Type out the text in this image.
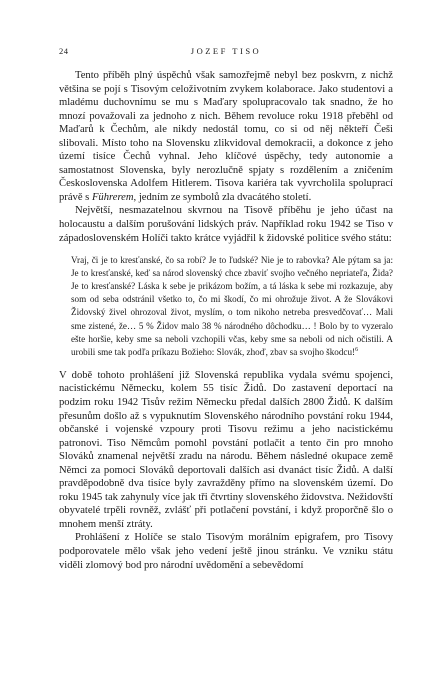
24	JOZEF TISO

Tento příběh plný úspěchů však samozřejmě nebyl bez poskvrn, z nichž většina se pojí s Tisovým celoživotním zvykem kolaborace. Jako studentovi a mladému duchovnímu se mu s Maďary spolupracovalo tak snadno, že ho mnozí považovali za jednoho z nich. Během revoluce roku 1918 přeběhl od Maďarů k Čechům, ale nikdy nedostál tomu, co si od něj někteří Češi slibovali. Místo toho na Slovensku zlikvidoval demokracii, a dokonce z jeho území tisíce Čechů vyhnal. Jeho klíčové úspěchy, tedy autonomie a samostatnost Slovenska, byly nerozlučně spjaty s rozdělením a zničením Československa Adolfem Hitlerem. Tisova kariéra tak vyvrcholila spoluprací právě s Führerem, jedním ze symbolů zla dvacátého století.

Největší, nesmazatelnou skvrnou na Tisově příběhu je jeho účast na holocaustu a dalším porušování lidských práv. Například roku 1942 se Tiso v západoslovenském Holíči takto krátce vyjádřil k židovské politice svého státu:

Vraj, či je to kresťanské, čo sa robí? Je to ľudské? Nie je to rabovka? Ale pýtam sa ja: Je to kresťanské, keď sa národ slovenský chce zbaviť svojho večného nepriateľa, Žida? Je to kresťanské? Láska k sebe je prikázom božím, a tá láska k sebe mi rozkazuje, aby som od seba odstránil všetko to, čo mi škodí, čo mi ohrožuje život. A že Slovákovi Židovský živel ohrozoval život, myslím, o tom nikoho netreba presvedčovať… Mali sme zistené, že… 5 % Židov malo 38 % národného dôchodku… ! Bolo by to vyzeralo ešte horšie, keby sme sa neboli vzchopili včas, keby sme sa neboli od nich očistili. A urobili sme tak podľa príkazu Božieho: Slovák, zhoď, zbav sa svojho škodcu!$^6$

V době tohoto prohlášení již Slovenská republika vydala svému spojenci, nacistickému Německu, kolem 55 tisíc Židů. Do zastavení deportací na podzim roku 1942 Tisův režim Německu předal dalších 2800 Židů. K dalším přesunům došlo až s vypuknutím Slovenského národního povstání roku 1944, občanské i vojenské vzpoury proti Tisovu režimu a jeho nacistickému patronovi. Tiso Němcům pomohl povstání potlačit a tento čin pro mnoho Slováků znamenal největší zradu na národu. Během následné okupace země Němci za pomoci Slováků deportovali dalších asi dvanáct tisíc Židů. A další pravděpodobně dva tisíce byly zavražděny přímo na slovenském území. Do roku 1945 tak zahynuly více jak tři čtvrtiny slovenského židovstva. Nežidovští obyvatelé trpěli rovněž, zvlášť při potlačení povstání, i když proporčně šlo o mnohem menší ztráty.

Prohlášení z Holíče se stalo Tisovým morálním epigrafem, pro Tisovy podporovatele mělo však jeho vedení ještě jinou stránku. Ve vzniku státu viděli zlomový bod pro národní uvědomění a sebevědomí
